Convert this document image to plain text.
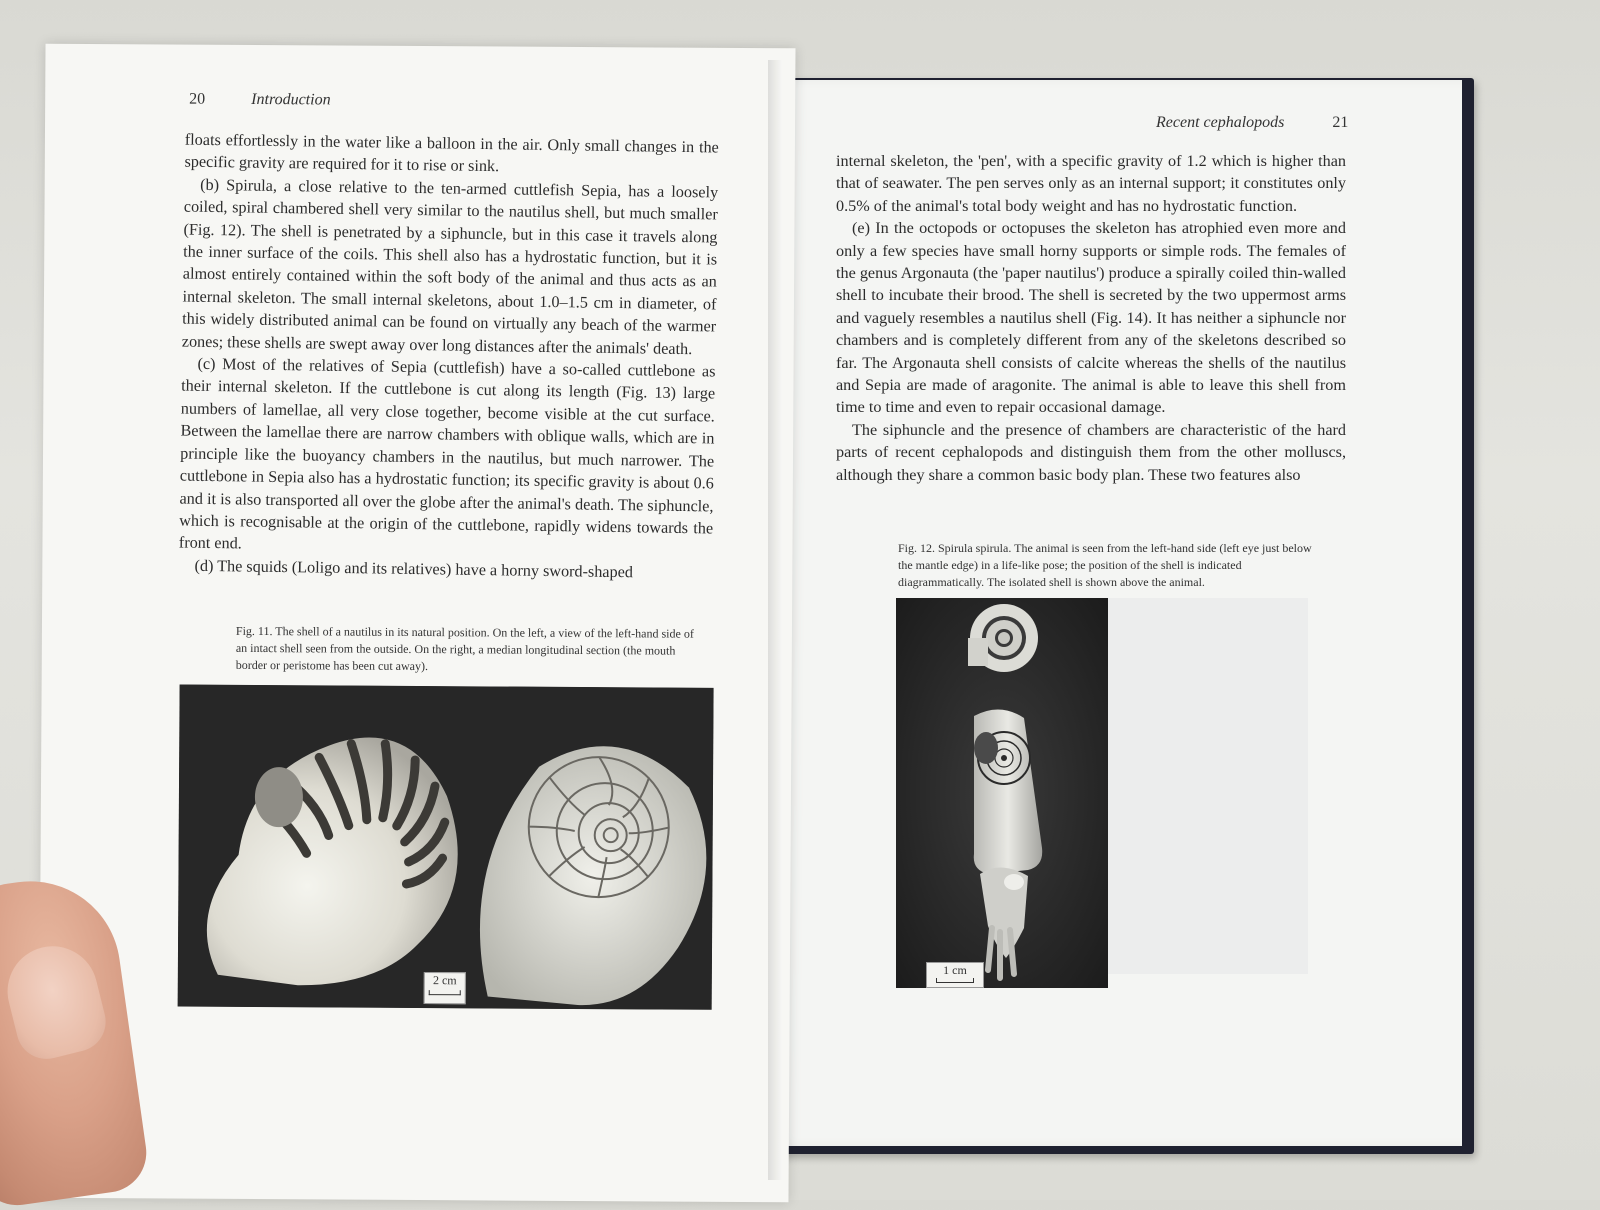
Recent cephalopods	21

internal skeleton, the 'pen', with a specific gravity of 1.2 which is higher than that of seawater. The pen serves only as an internal support; it constitutes only 0.5% of the animal's total body weight and has no hydrostatic function.

(e) In the octopods or octopuses the skeleton has atrophied even more and only a few species have small horny supports or simple rods. The females of the genus Argonauta (the 'paper nautilus') produce a spirally coiled thin-walled shell to incubate their brood. The shell is secreted by the two uppermost arms and vaguely resembles a nautilus shell (Fig. 14). It has neither a siphuncle nor chambers and is completely different from any of the skeletons described so far. The Argonauta shell consists of calcite whereas the shells of the nautilus and Sepia are made of aragonite. The animal is able to leave this shell from time to time and even to repair occasional damage.

The siphuncle and the presence of chambers are characteristic of the hard parts of recent cephalopods and distinguish them from the other molluscs, although they share a common basic body plan. These two features also

Fig. 12. Spirula spirula. The animal is seen from the left-hand side (left eye just below the mantle edge) in a life-like pose; the position of the shell is indicated diagrammatically. The isolated shell is shown above the animal.
1 cm
20	Introduction

floats effortlessly in the water like a balloon in the air. Only small changes in the specific gravity are required for it to rise or sink.

(b) Spirula, a close relative to the ten-armed cuttlefish Sepia, has a loosely coiled, spiral chambered shell very similar to the nautilus shell, but much smaller (Fig. 12). The shell is penetrated by a siphuncle, but in this case it travels along the inner surface of the coils. This shell also has a hydrostatic function, but it is almost entirely contained within the soft body of the animal and thus acts as an internal skeleton. The small internal skeletons, about 1.0–1.5 cm in diameter, of this widely distributed animal can be found on virtually any beach of the warmer zones; these shells are swept away over long distances after the animals' death.

(c) Most of the relatives of Sepia (cuttlefish) have a so-called cuttlebone as their internal skeleton. If the cuttlebone is cut along its length (Fig. 13) large numbers of lamellae, all very close together, become visible at the cut surface. Between the lamellae there are narrow chambers with oblique walls, which are in principle like the buoyancy chambers in the nautilus, but much narrower. The cuttlebone in Sepia also has a hydrostatic function; its specific gravity is about 0.6 and it is also transported all over the globe after the animal's death. The siphuncle, which is recognisable at the origin of the cuttlebone, rapidly widens towards the front end.

(d) The squids (Loligo and its relatives) have a horny sword-shaped

Fig. 11. The shell of a nautilus in its natural position. On the left, a view of the left-hand side of an intact shell seen from the outside. On the right, a median longitudinal section (the mouth border or peristome has been cut away).
2 cm
